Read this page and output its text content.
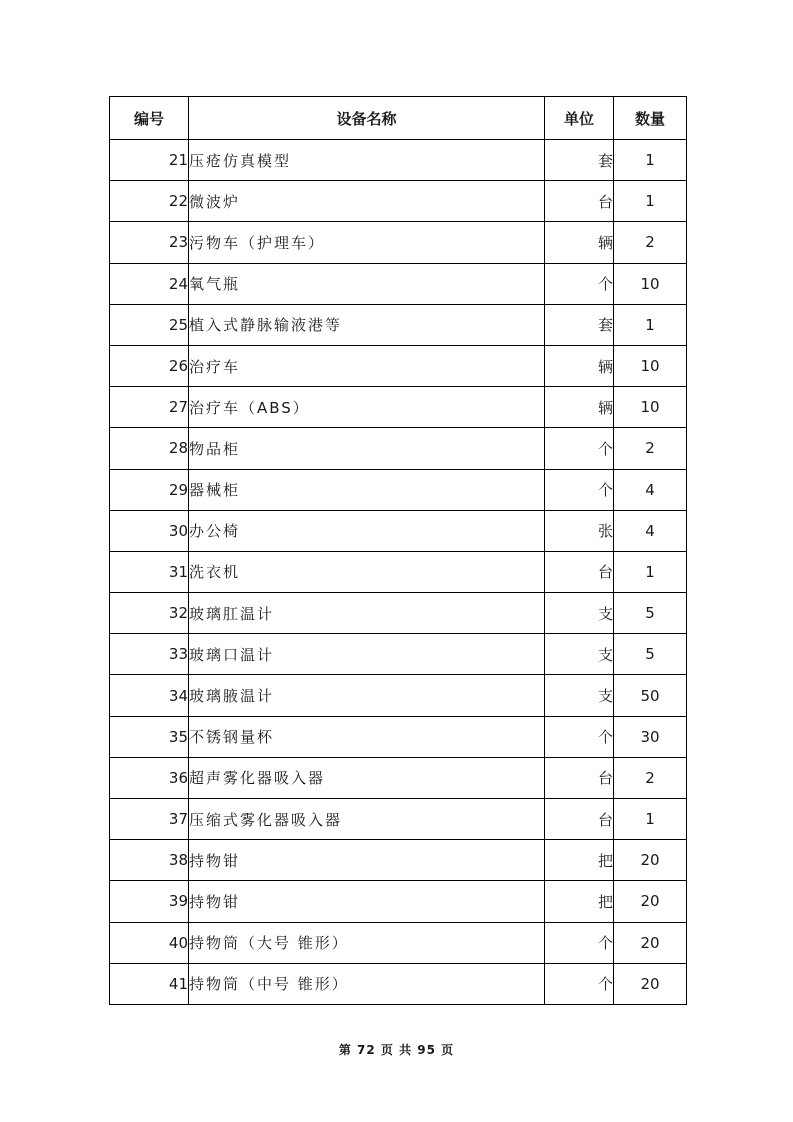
编号	设备名称	单位	数量
21	压疮仿真模型	套	1
22	微波炉	台	1
23	污物车（护理车）	辆	2
24	氧气瓶	个	10
25	植入式静脉输液港等	套	1
26	治疗车	辆	10
27	治疗车（ABS）	辆	10
28	物品柜	个	2
29	器械柜	个	4
30	办公椅	张	4
31	洗衣机	台	1
32	玻璃肛温计	支	5
33	玻璃口温计	支	5
34	玻璃腋温计	支	50
35	不锈钢量杯	个	30
36	超声雾化器吸入器	台	2
37	压缩式雾化器吸入器	台	1
38	持物钳	把	20
39	持物钳	把	20
40	持物筒（大号 锥形）	个	20
41	持物筒（中号 锥形）	个	20
第 72 页 共 95 页
